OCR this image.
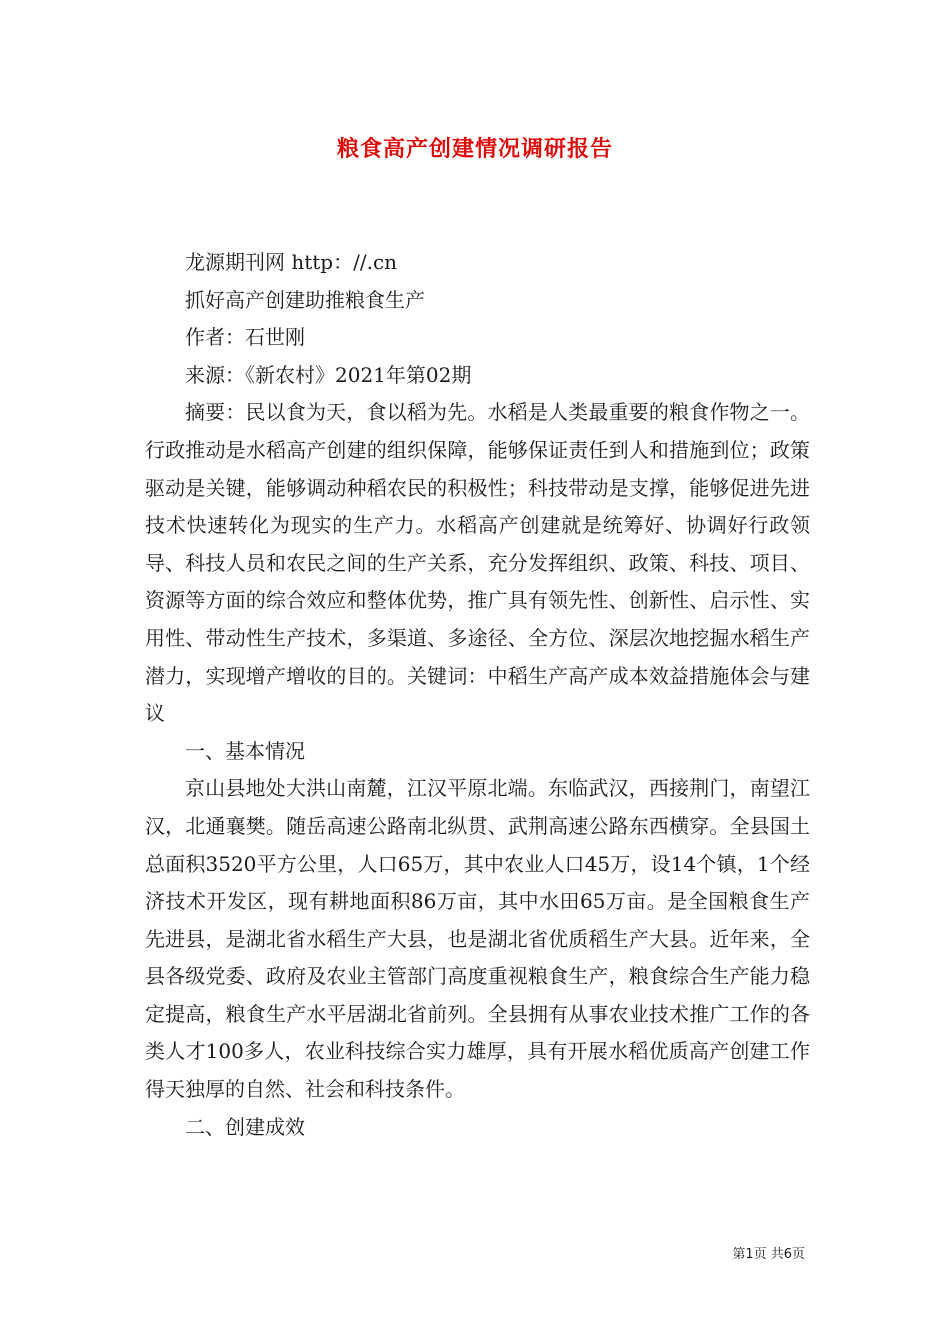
粮食高产创建情况调研报告

龙源期刊网 http：//.cn

抓好高产创建助推粮食生产

作者：石世刚

来源：《新农村》2021年第02期

摘要：民以食为天，食以稻为先。水稻是人类最重要的粮食作物之一。行政推动是水稻高产创建的组织保障，能够保证责任到人和措施到位；政策驱动是关键，能够调动种稻农民的积极性；科技带动是支撑，能够促进先进技术快速转化为现实的生产力。水稻高产创建就是统筹好、协调好行政领导、科技人员和农民之间的生产关系，充分发挥组织、政策、科技、项目、资源等方面的综合效应和整体优势，推广具有领先性、创新性、启示性、实用性、带动性生产技术，多渠道、多途径、全方位、深层次地挖掘水稻生产潜力，实现增产增收的目的。关键词：中稻生产高产成本效益措施体会与建议

一、基本情况

京山县地处大洪山南麓，江汉平原北端。东临武汉，西接荆门，南望江汉，北通襄樊。随岳高速公路南北纵贯、武荆高速公路东西横穿。全县国土总面积3520平方公里，人口65万，其中农业人口45万，设14个镇，1个经济技术开发区，现有耕地面积86万亩，其中水田65万亩。是全国粮食生产先进县，是湖北省水稻生产大县，也是湖北省优质稻生产大县。近年来，全县各级党委、政府及农业主管部门高度重视粮食生产，粮食综合生产能力稳定提高，粮食生产水平居湖北省前列。全县拥有从事农业技术推广工作的各类人才100多人，农业科技综合实力雄厚，具有开展水稻优质高产创建工作得天独厚的自然、社会和科技条件。

二、创建成效

第1页 共6页
